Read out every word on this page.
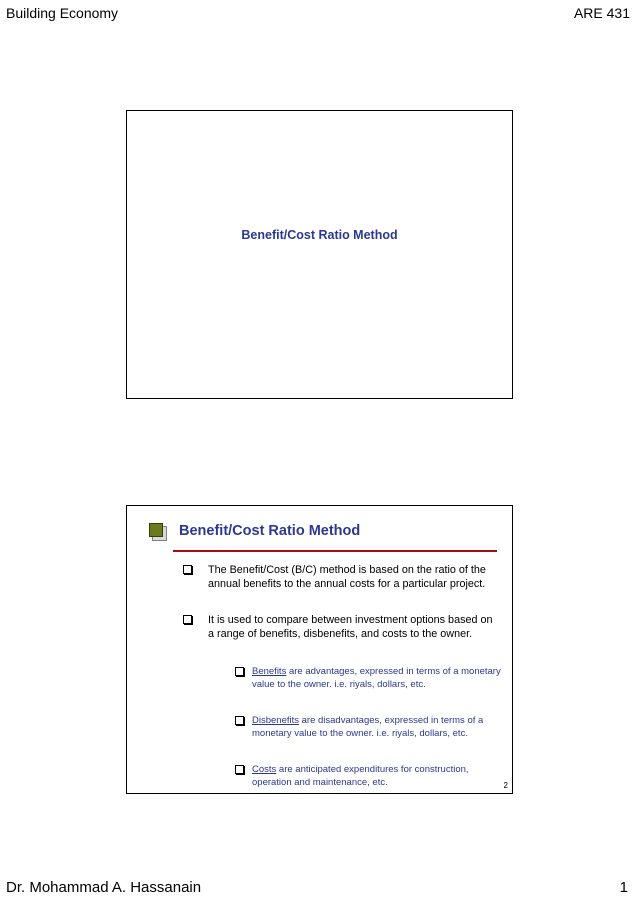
Building Economy	ARE 431
Benefit/Cost Ratio Method
Benefit/Cost Ratio Method
The Benefit/Cost (B/C) method is based on the ratio of the annual benefits to the annual costs for a particular project.
It is used to compare between investment options based on a range of benefits, disbenefits, and costs to the owner.
Benefits are advantages, expressed in terms of a monetary value to the owner. i.e. riyals, dollars, etc.
Disbenefits are disadvantages, expressed in terms of a monetary value to the owner. i.e. riyals, dollars, etc.
Costs are anticipated expenditures for construction, operation and maintenance, etc.	2
Dr. Mohammad A. Hassanain	1
